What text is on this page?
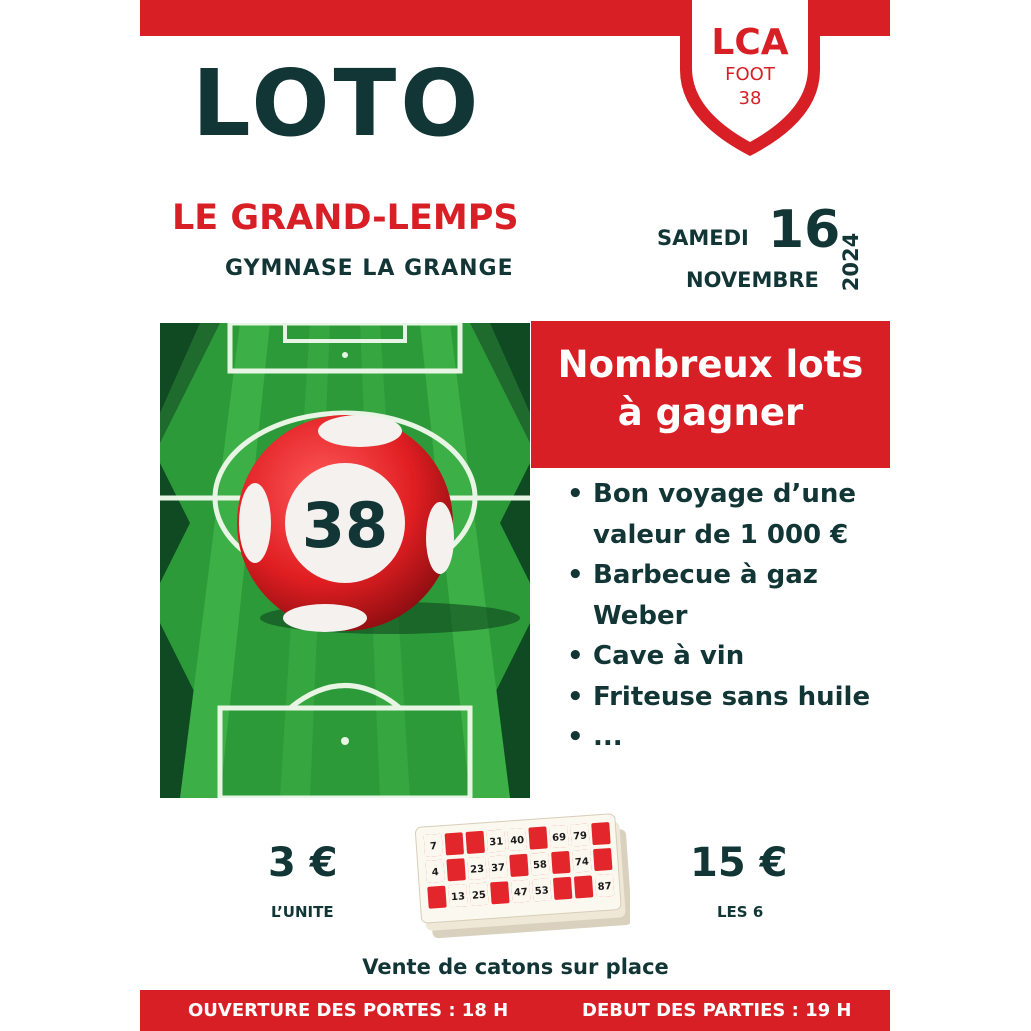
LCA
FOOT
38
LOTO
LE GRAND-LEMPS
GYMNASE LA GRANGE
SAMEDI 16
NOVEMBRE 2024
38
Nombreux lots
à gagner
• Bon voyage d’une valeur de 1 000 €
• Barbecue à gaz Weber
• Cave à vin
• Friteuse sans huile
• ...
3 €
L’UNITE
7	31 40	69 79
4	23 37	58	74
13 25	47 53	87
15 €
LES 6
Vente de catons sur place
OUVERTURE DES PORTES : 18 H	DEBUT DES PARTIES : 19 H
